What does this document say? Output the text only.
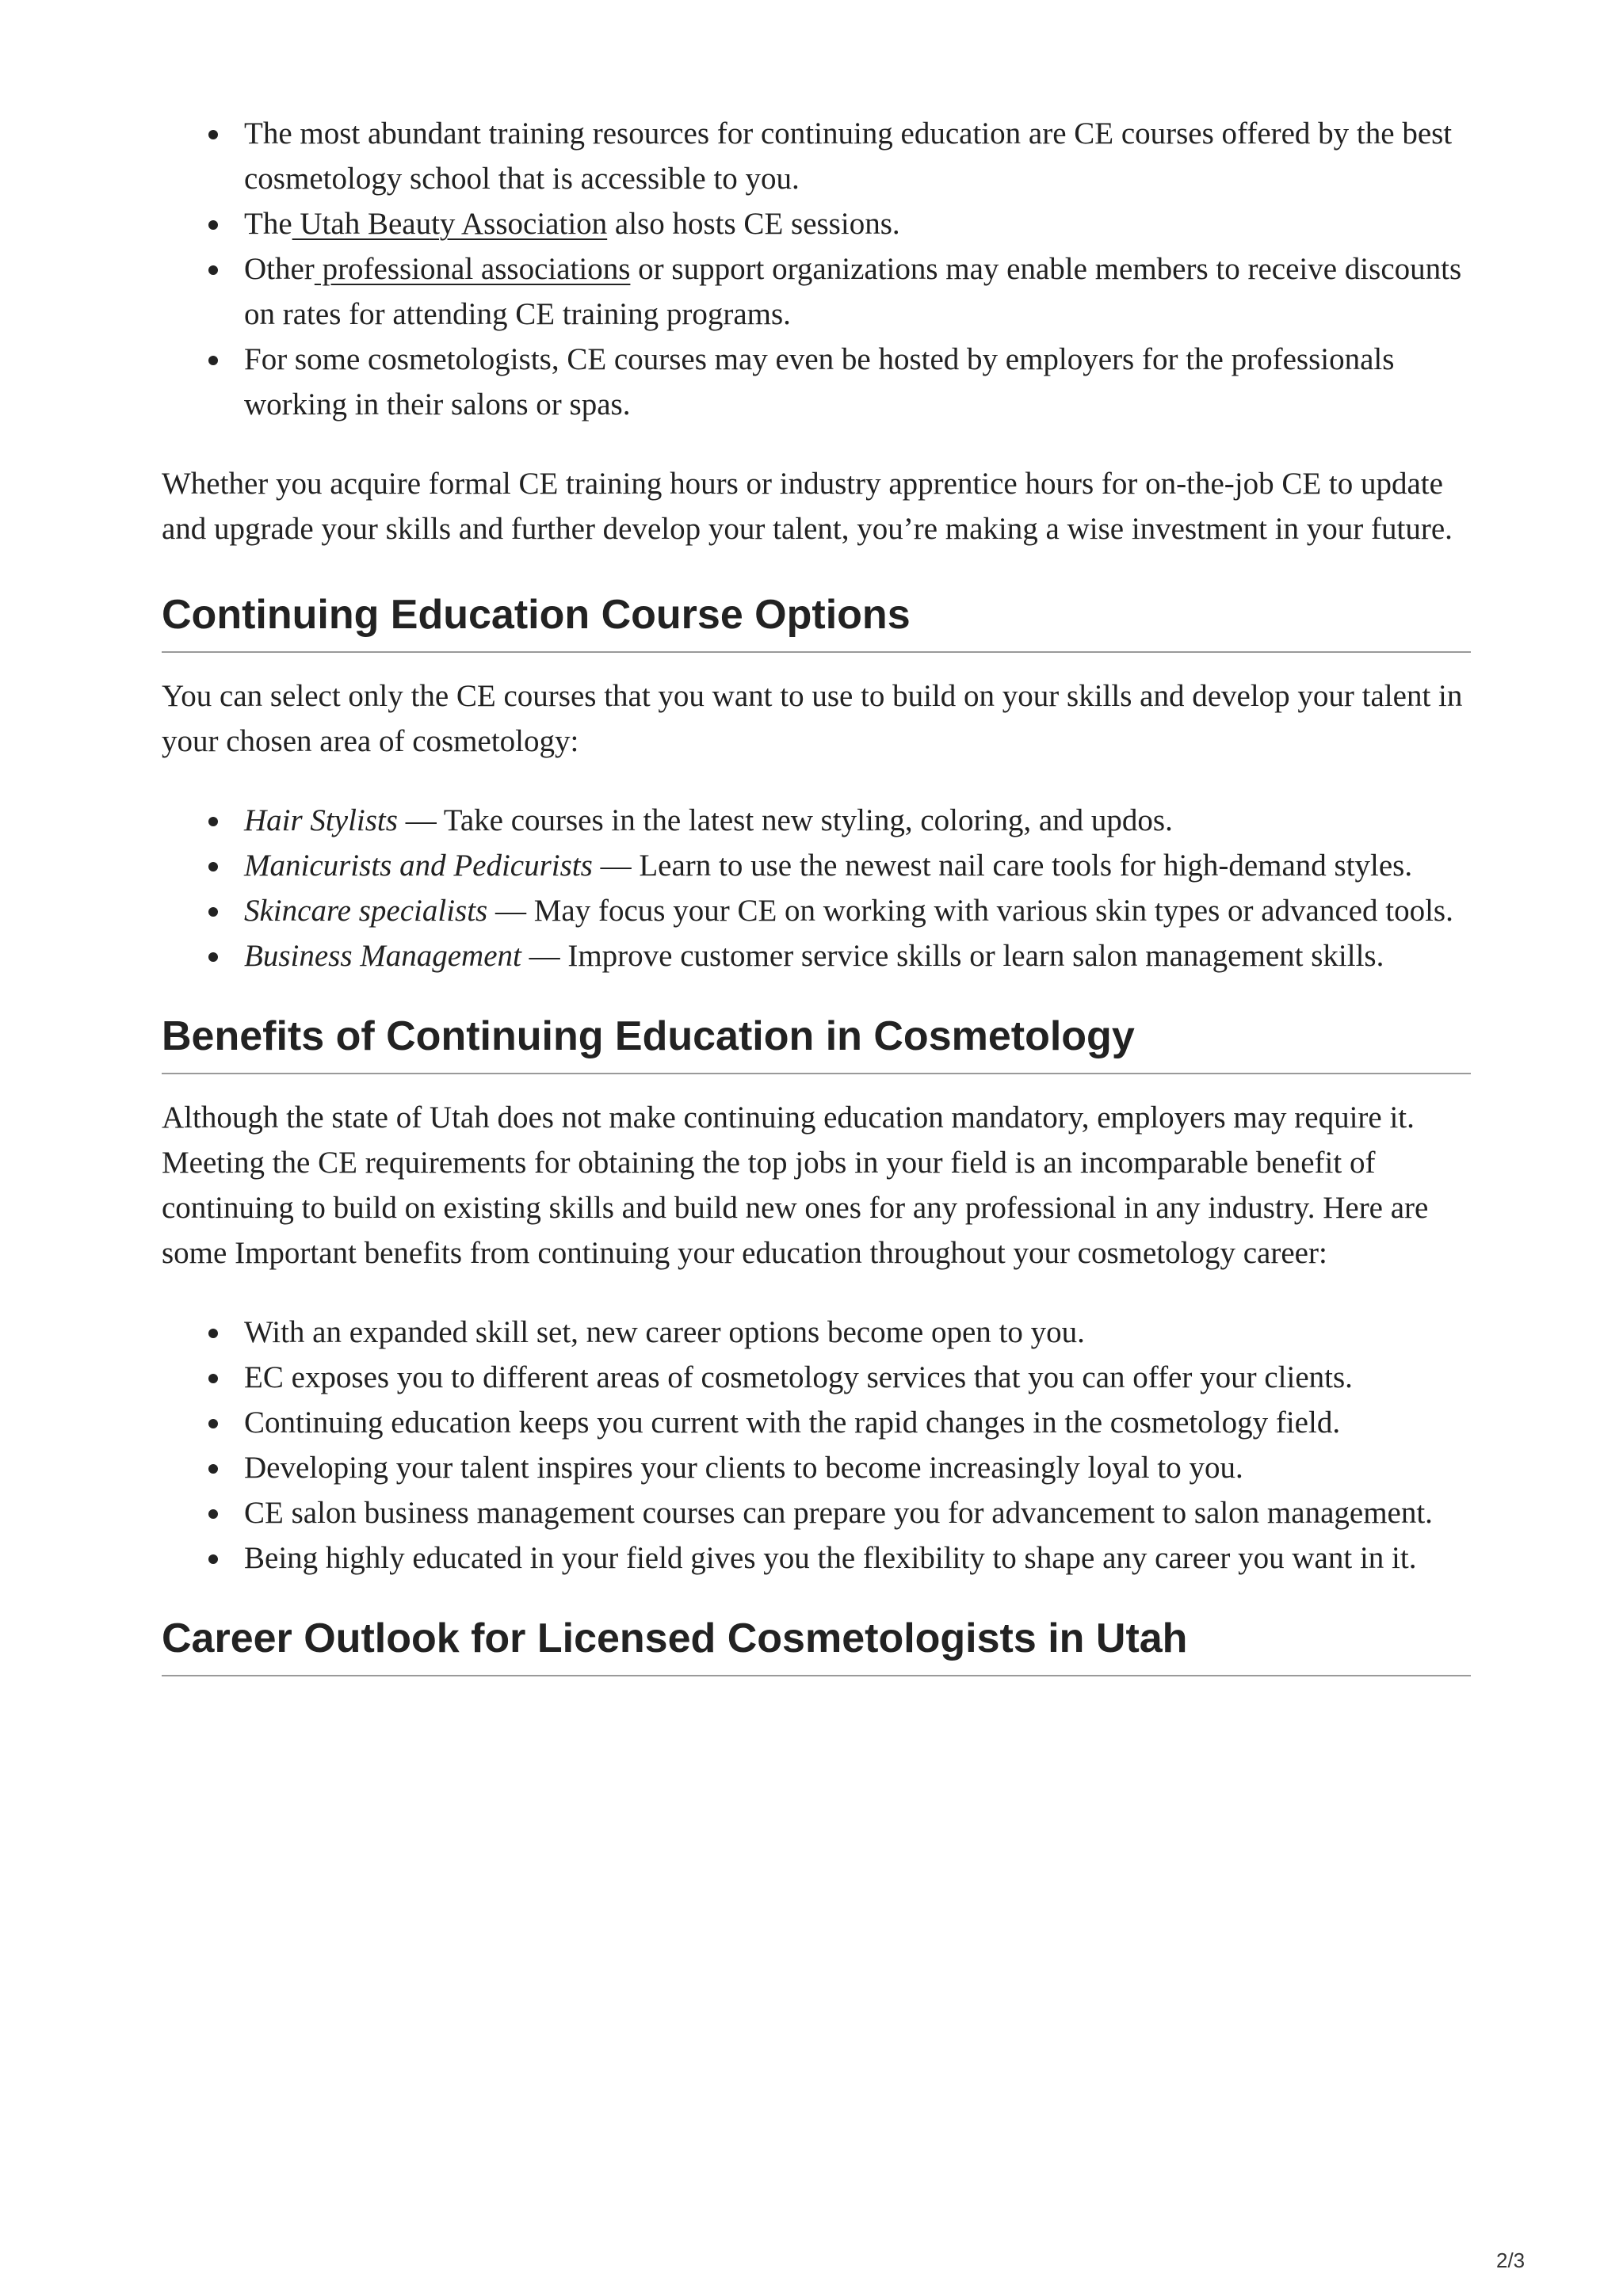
The most abundant training resources for continuing education are CE courses offered by the best cosmetology school that is accessible to you.
The Utah Beauty Association also hosts CE sessions.
Other professional associations or support organizations may enable members to receive discounts on rates for attending CE training programs.
For some cosmetologists, CE courses may even be hosted by employers for the professionals working in their salons or spas.

Whether you acquire formal CE training hours or industry apprentice hours for on-the-job CE to update and upgrade your skills and further develop your talent, you’re making a wise investment in your future.

Continuing Education Course Options

You can select only the CE courses that you want to use to build on your skills and develop your talent in your chosen area of cosmetology:

Hair Stylists — Take courses in the latest new styling, coloring, and updos.
Manicurists and Pedicurists — Learn to use the newest nail care tools for high-demand styles.
Skincare specialists — May focus your CE on working with various skin types or advanced tools.
Business Management — Improve customer service skills or learn salon management skills.
Benefits of Continuing Education in Cosmetology

Although the state of Utah does not make continuing education mandatory, employers may require it. Meeting the CE requirements for obtaining the top jobs in your field is an incomparable benefit of continuing to build on existing skills and build new ones for any professional in any industry. Here are some Important benefits from continuing your education throughout your cosmetology career:

With an expanded skill set, new career options become open to you.
EC exposes you to different areas of cosmetology services that you can offer your clients.
Continuing education keeps you current with the rapid changes in the cosmetology field.
Developing your talent inspires your clients to become increasingly loyal to you.
CE salon business management courses can prepare you for advancement to salon management.
Being highly educated in your field gives you the flexibility to shape any career you want in it.
Career Outlook for Licensed Cosmetologists in Utah
2/3
